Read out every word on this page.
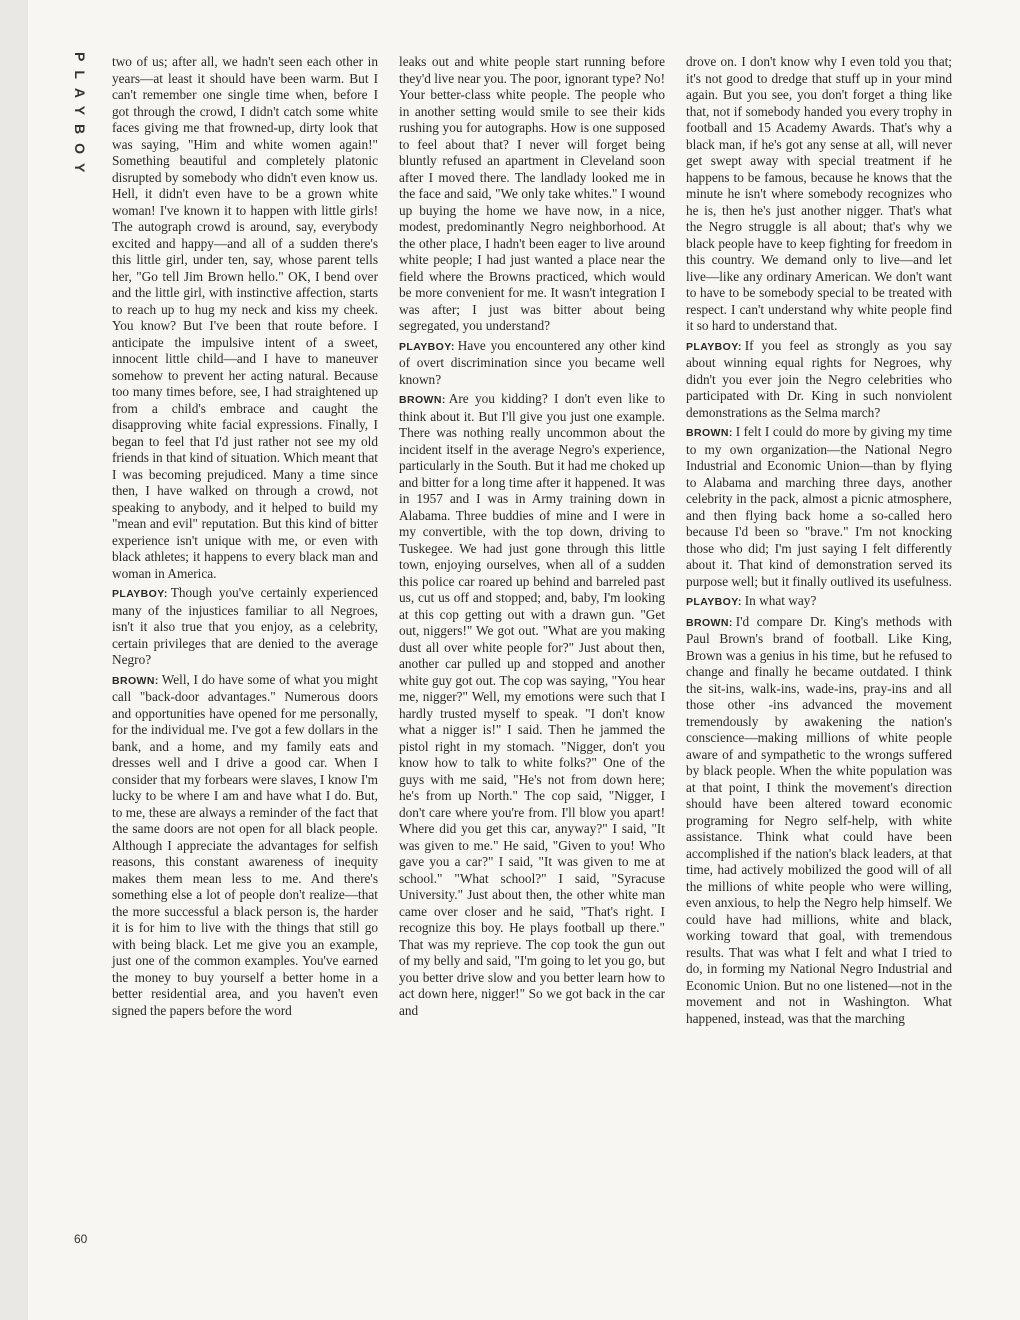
PLAYBOY
60

two of us; after all, we hadn't seen each other in years—at least it should have been warm. But I can't remember one single time when, before I got through the crowd, I didn't catch some white faces giving me that frowned-up, dirty look that was saying, "Him and white women again!" Something beautiful and completely platonic disrupted by somebody who didn't even know us. Hell, it didn't even have to be a grown white woman! I've known it to happen with little girls! The autograph crowd is around, say, everybody excited and happy—and all of a sudden there's this little girl, under ten, say, whose parent tells her, "Go tell Jim Brown hello." OK, I bend over and the little girl, with instinctive affection, starts to reach up to hug my neck and kiss my cheek. You know? But I've been that route before. I anticipate the impulsive intent of a sweet, innocent little child—and I have to maneuver somehow to prevent her acting natural. Because too many times before, see, I had straightened up from a child's embrace and caught the disapproving white facial expressions. Finally, I began to feel that I'd just rather not see my old friends in that kind of situation. Which meant that I was becoming prejudiced. Many a time since then, I have walked on through a crowd, not speaking to anybody, and it helped to build my "mean and evil" reputation. But this kind of bitter experience isn't unique with me, or even with black athletes; it happens to every black man and woman in America.

PLAYBOY: Though you've certainly experienced many of the injustices familiar to all Negroes, isn't it also true that you enjoy, as a celebrity, certain privileges that are denied to the average Negro?

BROWN: Well, I do have some of what you might call "back-door advantages." Numerous doors and opportunities have opened for me personally, for the individual me. I've got a few dollars in the bank, and a home, and my family eats and dresses well and I drive a good car. When I consider that my forbears were slaves, I know I'm lucky to be where I am and have what I do. But, to me, these are always a reminder of the fact that the same doors are not open for all black people. Although I appreciate the advantages for selfish reasons, this constant awareness of inequity makes them mean less to me. And there's something else a lot of people don't realize—that the more successful a black person is, the harder it is for him to live with the things that still go with being black. Let me give you an example, just one of the common examples. You've earned the money to buy yourself a better home in a better residential area, and you haven't even signed the papers before the word

leaks out and white people start running before they'd live near you. The poor, ignorant type? No! Your better-class white people. The people who in another setting would smile to see their kids rushing you for autographs. How is one supposed to feel about that? I never will forget being bluntly refused an apartment in Cleveland soon after I moved there. The landlady looked me in the face and said, "We only take whites." I wound up buying the home we have now, in a nice, modest, predominantly Negro neighborhood. At the other place, I hadn't been eager to live around white people; I had just wanted a place near the field where the Browns practiced, which would be more convenient for me. It wasn't integration I was after; I just was bitter about being segregated, you understand?

PLAYBOY: Have you encountered any other kind of overt discrimination since you became well known?

BROWN: Are you kidding? I don't even like to think about it. But I'll give you just one example. There was nothing really uncommon about the incident itself in the average Negro's experience, particularly in the South. But it had me choked up and bitter for a long time after it happened. It was in 1957 and I was in Army training down in Alabama. Three buddies of mine and I were in my convertible, with the top down, driving to Tuskegee. We had just gone through this little town, enjoying ourselves, when all of a sudden this police car roared up behind and barreled past us, cut us off and stopped; and, baby, I'm looking at this cop getting out with a drawn gun. "Get out, niggers!" We got out. "What are you making dust all over white people for?" Just about then, another car pulled up and stopped and another white guy got out. The cop was saying, "You hear me, nigger?" Well, my emotions were such that I hardly trusted myself to speak. "I don't know what a nigger is!" I said. Then he jammed the pistol right in my stomach. "Nigger, don't you know how to talk to white folks?" One of the guys with me said, "He's not from down here; he's from up North." The cop said, "Nigger, I don't care where you're from. I'll blow you apart! Where did you get this car, anyway?" I said, "It was given to me." He said, "Given to you! Who gave you a car?" I said, "It was given to me at school." "What school?" I said, "Syracuse University." Just about then, the other white man came over closer and he said, "That's right. I recognize this boy. He plays football up there." That was my reprieve. The cop took the gun out of my belly and said, "I'm going to let you go, but you better drive slow and you better learn how to act down here, nigger!" So we got back in the car and

drove on. I don't know why I even told you that; it's not good to dredge that stuff up in your mind again. But you see, you don't forget a thing like that, not if somebody handed you every trophy in football and 15 Academy Awards. That's why a black man, if he's got any sense at all, will never get swept away with special treatment if he happens to be famous, because he knows that the minute he isn't where somebody recognizes who he is, then he's just another nigger. That's what the Negro struggle is all about; that's why we black people have to keep fighting for freedom in this country. We demand only to live—and let live—like any ordinary American. We don't want to have to be somebody special to be treated with respect. I can't understand why white people find it so hard to understand that.

PLAYBOY: If you feel as strongly as you say about winning equal rights for Negroes, why didn't you ever join the Negro celebrities who participated with Dr. King in such nonviolent demonstrations as the Selma march?

BROWN: I felt I could do more by giving my time to my own organization—the National Negro Industrial and Economic Union—than by flying to Alabama and marching three days, another celebrity in the pack, almost a picnic atmosphere, and then flying back home a so-called hero because I'd been so "brave." I'm not knocking those who did; I'm just saying I felt differently about it. That kind of demonstration served its purpose well; but it finally outlived its usefulness.

PLAYBOY: In what way?

BROWN: I'd compare Dr. King's methods with Paul Brown's brand of football. Like King, Brown was a genius in his time, but he refused to change and finally he became outdated. I think the sit-ins, walk-ins, wade-ins, pray-ins and all those other -ins advanced the movement tremendously by awakening the nation's conscience—making millions of white people aware of and sympathetic to the wrongs suffered by black people. When the white population was at that point, I think the movement's direction should have been altered toward economic programing for Negro self-help, with white assistance. Think what could have been accomplished if the nation's black leaders, at that time, had actively mobilized the good will of all the millions of white people who were willing, even anxious, to help the Negro help himself. We could have had millions, white and black, working toward that goal, with tremendous results. That was what I felt and what I tried to do, in forming my National Negro Industrial and Economic Union. But no one listened—not in the movement and not in Washington. What happened, instead, was that the marching
